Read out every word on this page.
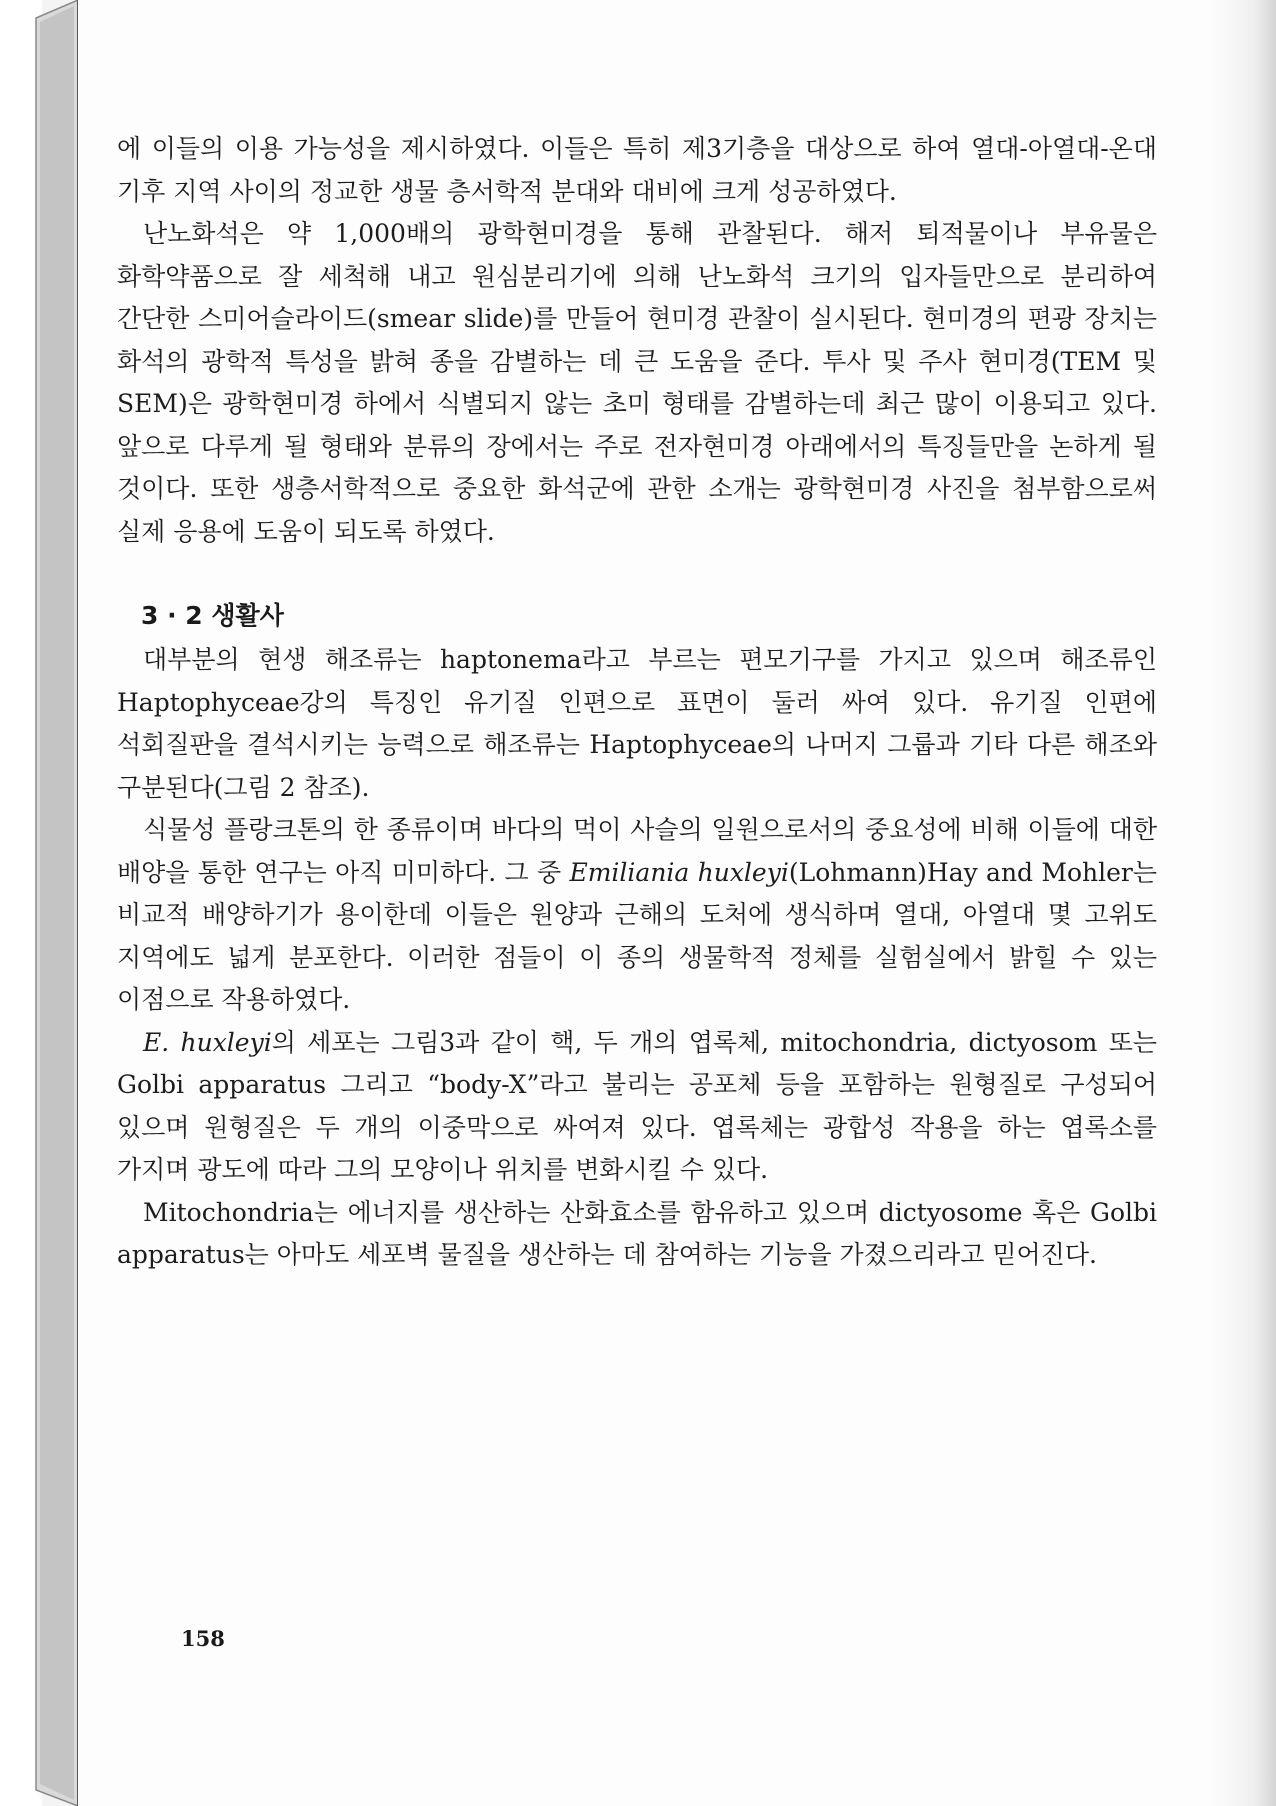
에 이들의 이용 가능성을 제시하였다. 이들은 특히 제3기층을 대상으로 하여 열대-아열대-온대 기후 지역 사이의 정교한 생물 층서학적 분대와 대비에 크게 성공하였다.

난노화석은 약 1,000배의 광학현미경을 통해 관찰된다. 해저 퇴적물이나 부유물은 화학약품으로 잘 세척해 내고 원심분리기에 의해 난노화석 크기의 입자들만으로 분리하여 간단한 스미어슬라이드(smear slide)를 만들어 현미경 관찰이 실시된다. 현미경의 편광 장치는 화석의 광학적 특성을 밝혀 종을 감별하는 데 큰 도움을 준다. 투사 및 주사 현미경(TEM 및 SEM)은 광학현미경 하에서 식별되지 않는 초미 형태를 감별하는데 최근 많이 이용되고 있다. 앞으로 다루게 될 형태와 분류의 장에서는 주로 전자현미경 아래에서의 특징들만을 논하게 될 것이다. 또한 생층서학적으로 중요한 화석군에 관한 소개는 광학현미경 사진을 첨부함으로써 실제 응용에 도움이 되도록 하였다.

3 · 2 생활사

대부분의 현생 해조류는 haptonema라고 부르는 편모기구를 가지고 있으며 해조류인 Haptophyceae강의 특징인 유기질 인편으로 표면이 둘러 싸여 있다. 유기질 인편에 석회질판을 결석시키는 능력으로 해조류는 Haptophyceae의 나머지 그룹과 기타 다른 해조와 구분된다(그림 2 참조).

식물성 플랑크톤의 한 종류이며 바다의 먹이 사슬의 일원으로서의 중요성에 비해 이들에 대한 배양을 통한 연구는 아직 미미하다. 그 중 Emiliania huxleyi(Lohmann)Hay and Mohler는 비교적 배양하기가 용이한데 이들은 원양과 근해의 도처에 생식하며 열대, 아열대 몇 고위도 지역에도 넓게 분포한다. 이러한 점들이 이 종의 생물학적 정체를 실험실에서 밝힐 수 있는 이점으로 작용하였다.

E. huxleyi의 세포는 그림3과 같이 핵, 두 개의 엽록체, mitochondria, dictyosom 또는 Golbi apparatus 그리고 “body-X”라고 불리는 공포체 등을 포함하는 원형질로 구성되어 있으며 원형질은 두 개의 이중막으로 싸여져 있다. 엽록체는 광합성 작용을 하는 엽록소를 가지며 광도에 따라 그의 모양이나 위치를 변화시킬 수 있다.

Mitochondria는 에너지를 생산하는 산화효소를 함유하고 있으며 dictyosome 혹은 Golbi apparatus는 아마도 세포벽 물질을 생산하는 데 참여하는 기능을 가졌으리라고 믿어진다.

158
